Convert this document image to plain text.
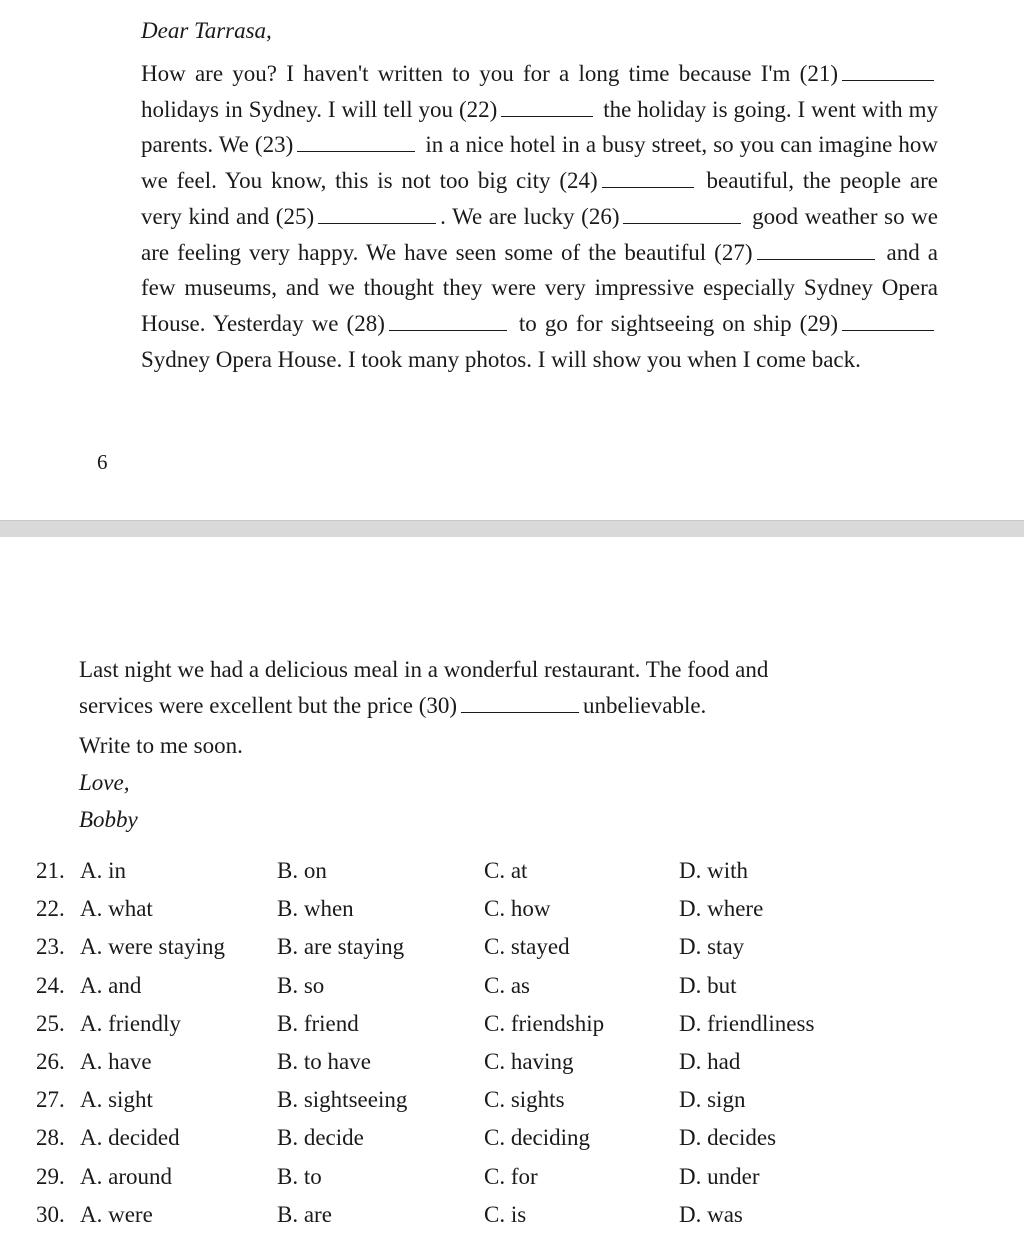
Dear Tarrasa,
How are you? I haven't written to you for a long time because I'm (21) holidays in Sydney. I will tell you (22)	the holiday is going. I went with my parents. We (23)	in a nice hotel in a busy street, so you can imagine how we feel. You know, this is not too big city (24)	beautiful, the people are very kind and (25)	. We are lucky (26)	good weather so we are feeling very happy. We have seen some of the beautiful (27)	and a few museums, and we thought they were very impressive especially Sydney Opera House. Yesterday we (28)	to go for sightseeing on ship (29) Sydney Opera House. I took many photos. I will show you when I come back.
6
Last night we had a delicious meal in a wonderful restaurant. The food and
services were excellent but the price (30)	unbelievable.
Write to me soon.
Love,
Bobby
21. A. in	B. on	C. at	D. with
22. A. what	B. when	C. how	D. where
23. A. were staying B. are staying	C. stayed	D. stay
24. A. and	B. so	C. as	D. but
25. A. friendly	B. friend	C. friendship	D. friendliness
26. A. have	B. to have	C. having	D. had
27. A. sight	B. sightseeing	C. sights	D. sign
28. A. decided	B. decide	C. deciding	D. decides
29. A. around	B. to	C. for	D. under
30. A. were	B. are	C. is	D. was
